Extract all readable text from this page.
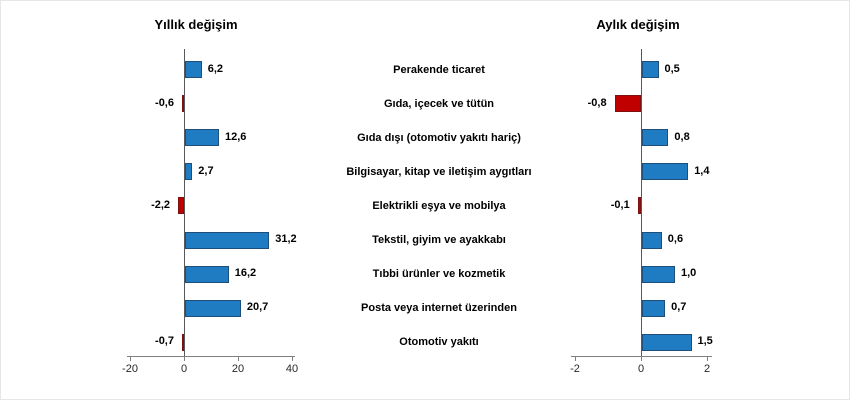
Yıllık değişim	Aylık değişim
Perakende ticaret
Gıda, içecek ve tütün
Gıda dışı (otomotiv yakıtı hariç)
Bilgisayar, kitap ve iletişim aygıtları
Elektrikli eşya ve mobilya
Tekstil, giyim ve ayakkabı
Tıbbi ürünler ve kozmetik
Posta veya internet üzerinden
Otomotiv yakıtı
-20	0	20	40
6,2
-0,6
12,6
2,7
-2,2
31,2
16,2
20,7
-0,7
-2	0	2
0,5
-0,8
0,8
1,4
-0,1
0,6
1,0
0,7
1,5
